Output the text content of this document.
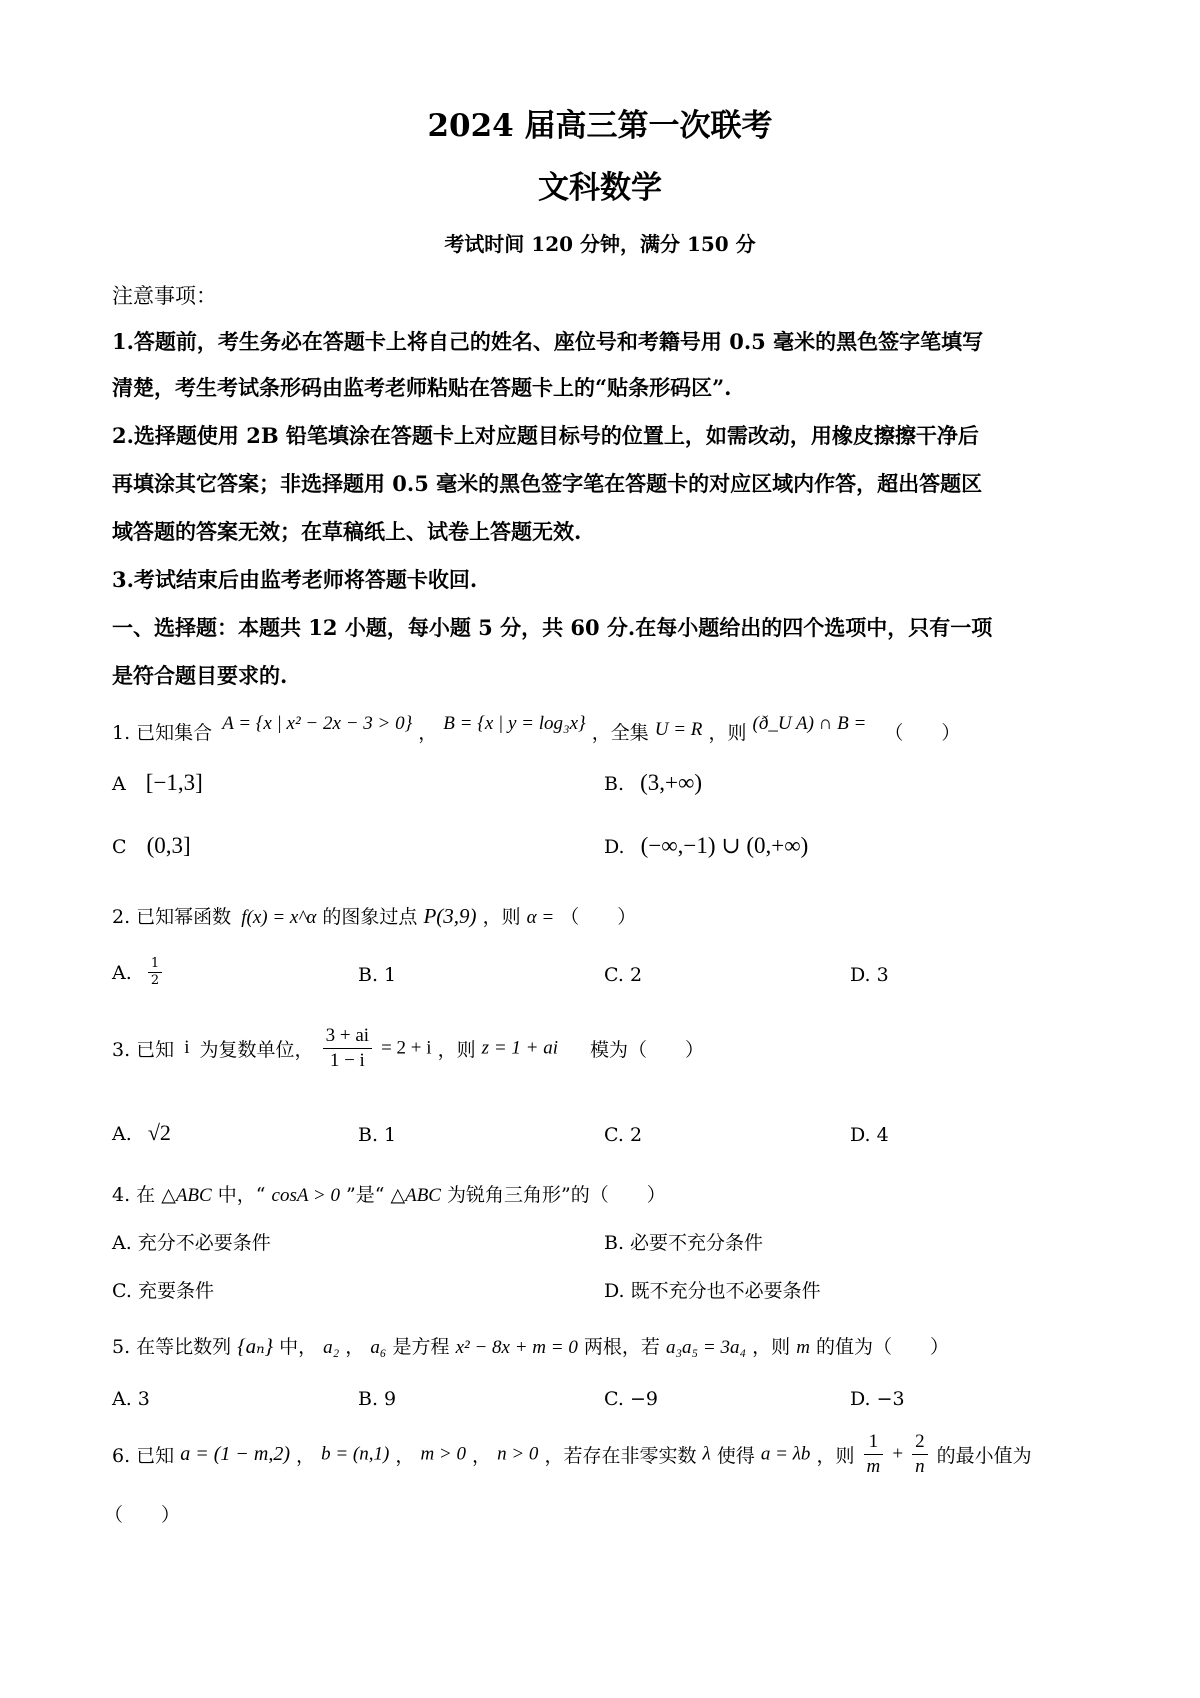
2024 届高三第一次联考
文科数学
考试时间 120 分钟，满分 150 分
注意事项：
1.答题前，考生务必在答题卡上将自己的姓名、座位号和考籍号用 0.5 毫米的黑色签字笔填写
清楚，考生考试条形码由监考老师粘贴在答题卡上的“贴条形码区”.
2.选择题使用 2B 铅笔填涂在答题卡上对应题目标号的位置上，如需改动，用橡皮擦擦干净后
再填涂其它答案；非选择题用 0.5 毫米的黑色签字笔在答题卡的对应区域内作答，超出答题区
域答题的答案无效；在草稿纸上、试卷上答题无效.
3.考试结束后由监考老师将答题卡收回.
一、选择题：本题共 12 小题，每小题 5 分，共 60 分.在每小题给出的四个选项中，只有一项
是符合题目要求的.
1. 已知集合 A = {x | x² − 2x − 3 > 0} ， B = {x | y = log₃x} ，全集 U = R ，则 (ð_U A) ∩ B = （　　）
A [−1,3]	B. (3,+∞)
C (0,3]	D. (−∞,−1) ∪ (0,+∞)
2. 已知幂函数 f(x) = x^α 的图象过点 P(3,9) ，则 α = （　　）
A. $\frac{1}{2}$	B. 1	C. 2	D. 3
3. 已知 i 为复数单位， $\frac{3 + ai}{1 - i} = 2 + i$ ，则 z = 1 + ai 模为（　　）
A. √2	B. 1	C. 2	D. 4
4. 在 △ABC 中，“ cosA > 0 ”是“ △ABC 为锐角三角形”的（　　）
A. 充分不必要条件	B. 必要不充分条件
C. 充要条件	D. 既不充分也不必要条件
5. 在等比数列 {aₙ} 中， a₂ ， a₆ 是方程 x² − 8x + m = 0 两根，若 a₃a₅ = 3a₄ ，则 m 的值为（　　）
A. 3	B. 9	C. −9	D. −3
6. 已知 a = (1 − m,2) ， b = (n,1) ， m > 0 ， n > 0 ，若存在非零实数 λ 使得 a = λb ，则 $\frac{1}{m} + \frac{2}{n}$ 的最小值为
（　　）
